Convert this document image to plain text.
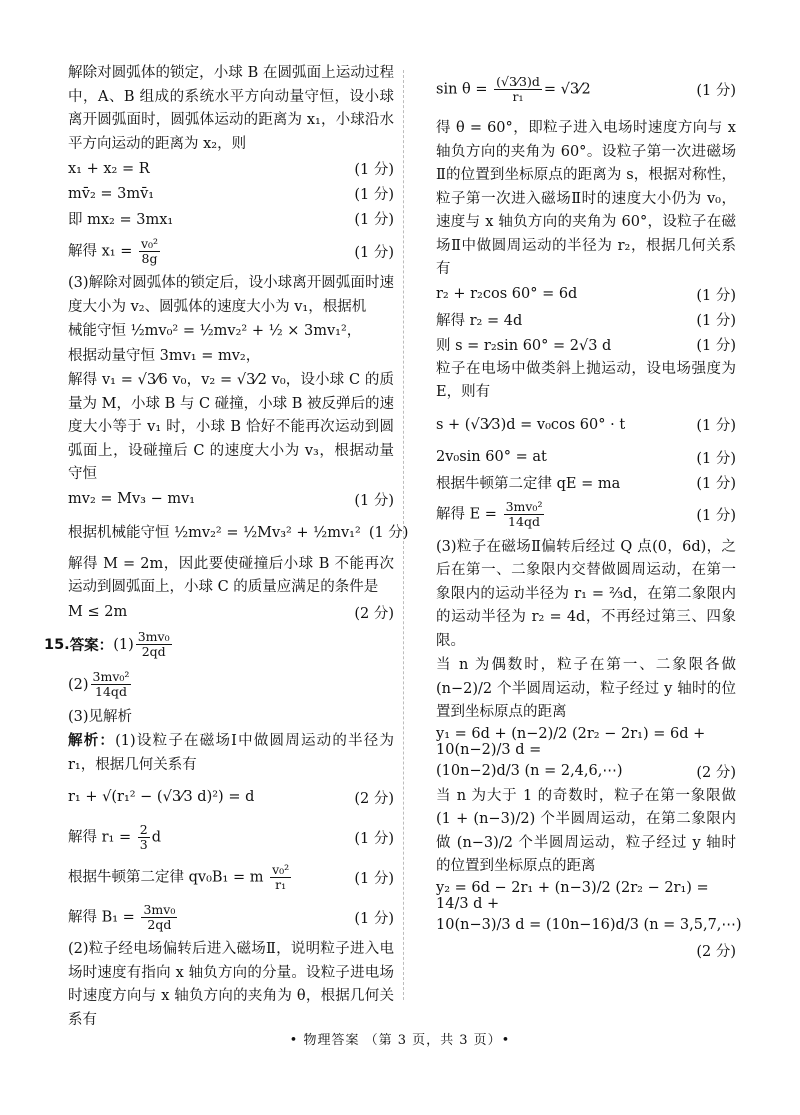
解除对圆弧体的锁定，小球 B 在圆弧面上运动过程中，A、B 组成的系统水平方向动量守恒，设小球离开圆弧面时，圆弧体运动的距离为 x₁，小球沿水平方向运动的距离为 x₂，则

x₁ + x₂ = R	(1 分)
mv̄₂ = 3mv̄₁	(1 分)
即 mx₂ = 3mx₁	(1 分)
解得 $x_1 = \frac{\text{v₀²}}{8g}$	(1 分)

(3)解除对圆弧体的锁定后，设小球离开圆弧面时速度大小为 v₂、圆弧体的速度大小为 v₁，根据机

械能守恒 ½mv₀² = ½mv₂² + ½ × 3mv₁²，

根据动量守恒 3mv₁ = mv₂，

解得 v₁ = √3⁄6 v₀，v₂ = √3⁄2 v₀，设小球 C 的质量为 M，小球 B 与 C 碰撞，小球 B 被反弹后的速度大小等于 v₁ 时，小球 B 恰好不能再次运动到圆弧面上，设碰撞后 C 的速度大小为 v₃，根据动量守恒

mv₂ = Mv₃ − mv₁	(1 分)
根据机械能守恒 ½mv₂² = ½Mv₃² + ½mv₁² (1 分)

解得 M = 2m，因此要使碰撞后小球 B 不能再次运动到圆弧面上，小球 C 的质量应满足的条件是

M ≤ 2m	(2 分)
15. 答案： $(1) \frac{\text{3mv₀}}{2qd}$
$(2) \frac{\text{3mv₀²}}{14qd}$

(3)见解析

解析：(1)设粒子在磁场Ⅰ中做圆周运动的半径为 r₁，根据几何关系有

r₁ + √(r₁² − (√3⁄3 d)²) = d	(2 分)
解得 $r_1 = \frac{2}{3}$ d	(1 分)
根据牛顿第二定律 qv₀B₁ = m $\frac{\text{v₀²}}{\text{r₁}}$	(1 分)
解得 $B_1 = \frac{\text{3mv₀}}{2qd}$	(1 分)

(2)粒子经电场偏转后进入磁场Ⅱ，说明粒子进入电场时速度有指向 x 轴负方向的分量。设粒子进电场时速度方向与 x 轴负方向的夹角为 θ，根据几何关系有

$\sin \theta = \frac{(√3⁄3)d}{\text{r₁}}$ = √3⁄2	(1 分)

得 θ = 60°，即粒子进入电场时速度方向与 x 轴负方向的夹角为 60°。设粒子第一次进磁场Ⅱ的位置到坐标原点的距离为 s，根据对称性，粒子第一次进入磁场Ⅱ时的速度大小仍为 v₀，速度与 x 轴负方向的夹角为 60°，设粒子在磁场Ⅱ中做圆周运动的半径为 r₂，根据几何关系有

r₂ + r₂cos 60° = 6d	(1 分)
解得 r₂ = 4d	(1 分)
则 s = r₂sin 60° = 2√3 d	(1 分)

粒子在电场中做类斜上抛运动，设电场强度为 E，则有

s + (√3⁄3)d = v₀cos 60° · t	(1 分)
2v₀sin 60° = at	(1 分)
根据牛顿第二定律 qE = ma	(1 分)
解得 $E = \frac{\text{3mv₀²}}{14qd}$	(1 分)

(3)粒子在磁场Ⅱ偏转后经过 Q 点(0，6d)，之后在第一、二象限内交替做圆周运动，在第一象限内的运动半径为 r₁ = ⅔d，在第二象限内的运动半径为 r₂ = 4d，不再经过第三、四象限。

当 n 为偶数时，粒子在第一、二象限各做 (n−2)/2 个半圆周运动，粒子经过 y 轴时的位置到坐标原点的距离

y₁ = 6d + (n−2)/2 (2r₂ − 2r₁) = 6d + 10(n−2)/3 d =
(10n−2)d/3 (n = 2,4,6,⋯)	(2 分)

当 n 为大于 1 的奇数时，粒子在第一象限做 (1 + (n−3)/2) 个半圆周运动，在第二象限内做 (n−3)/2 个半圆周运动，粒子经过 y 轴时的位置到坐标原点的距离

y₂ = 6d − 2r₁ + (n−3)/2 (2r₂ − 2r₁) = 14/3 d +
10(n−3)/3 d = (10n−16)d/3 (n = 3,5,7,⋯)
(2 分)
• 物理答案 （第 3 页，共 3 页）•
